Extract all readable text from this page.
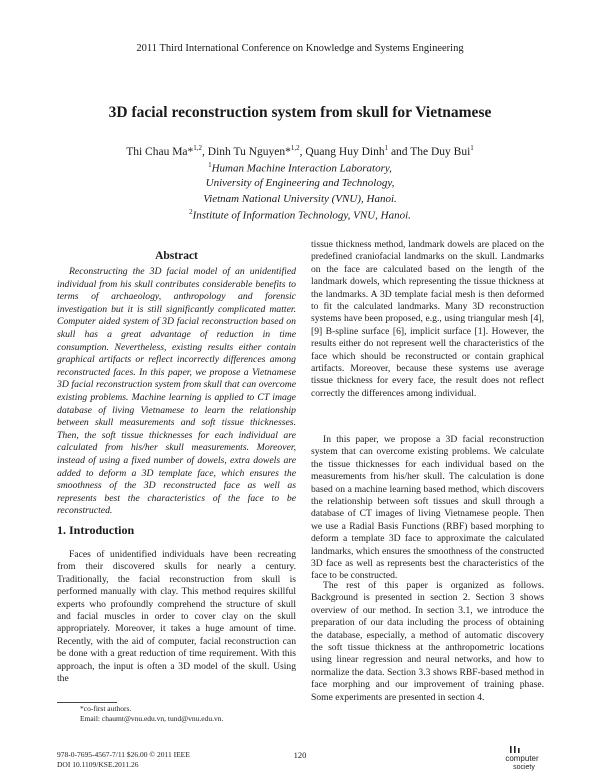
2011 Third International Conference on Knowledge and Systems Engineering
3D facial reconstruction system from skull for Vietnamese
Thi Chau Ma*$^{1,2}$, Dinh Tu Nguyen*$^{1,2}$, Quang Huy Dinh$^1$ and The Duy Bui$^1$
$^1$Human Machine Interaction Laboratory,
University of Engineering and Technology,
Vietnam National University (VNU), Hanoi.
$^2$Institute of Information Technology, VNU, Hanoi.
Abstract

Reconstructing the 3D facial model of an unidentified individual from his skull contributes considerable benefits to terms of archaeology, anthropology and forensic investigation but it is still significantly complicated matter. Computer aided system of 3D facial reconstruction based on skull has a great advantage of reduction in time consumption. Nevertheless, existing results either contain graphical artifacts or reflect incorrectly differences among reconstructed faces. In this paper, we propose a Vietnamese 3D facial reconstruction system from skull that can overcome existing problems. Machine learning is applied to CT image database of living Vietnamese to learn the relationship between skull measurements and soft tissue thicknesses. Then, the soft tissue thicknesses for each individual are calculated from his/her skull measurements. Moreover, instead of using a fixed number of dowels, extra dowels are added to deform a 3D template face, which ensures the smoothness of the 3D reconstructed face as well as represents best the characteristics of the face to be reconstructed.

1. Introduction

Faces of unidentified individuals have been recreating from their discovered skulls for nearly a century. Traditionally, the facial reconstruction from skull is performed manually with clay. This method requires skillful experts who profoundly comprehend the structure of skull and facial muscles in order to cover clay on the skull appropriately. Moreover, it takes a huge amount of time. Recently, with the aid of computer, facial reconstruction can be done with a great reduction of time requirement. With this approach, the input is often a 3D model of the skull. Using the

tissue thickness method, landmark dowels are placed on the predefined craniofacial landmarks on the skull. Landmarks on the face are calculated based on the length of the landmark dowels, which representing the tissue thickness at the landmarks. A 3D template facial mesh is then deformed to fit the calculated landmarks. Many 3D reconstruction systems have been proposed, e.g., using triangular mesh [4], [9] B-spline surface [6], implicit surface [1]. However, the results either do not represent well the characteristics of the face which should be reconstructed or contain graphical artifacts. Moreover, because these systems use average tissue thickness for every face, the result does not reflect correctly the differences among individual.

In this paper, we propose a 3D facial reconstruction system that can overcome existing problems. We calculate the tissue thicknesses for each individual based on the measurements from his/her skull. The calculation is done based on a machine learning based method, which discovers the relationship between soft tissues and skull through a database of CT images of living Vietnamese people. Then we use a Radial Basis Functions (RBF) based morphing to deform a template 3D face to approximate the calculated landmarks, which ensures the smoothness of the constructed 3D face as well as represents best the characteristics of the face to be constructed.

The rest of this paper is organized as follows. Background is presented in section 2. Section 3 shows overview of our method. In section 3.1, we introduce the preparation of our data including the process of obtaining the database, especially, a method of automatic discovery the soft tissue thickness at the anthropometric locations using linear regression and neural networks, and how to normalize the data. Section 3.3 shows RBF-based method in face morphing and our improvement of training phase. Some experiments are presented in section 4.

*co-first authors.
Email: chaumt@vnu.edu.vn, tund@vnu.edu.vn.
978-0-7695-4567-7/11 $26.00 © 2011 IEEE
DOI 10.1109/KSE.2011.26
120	computer
society
